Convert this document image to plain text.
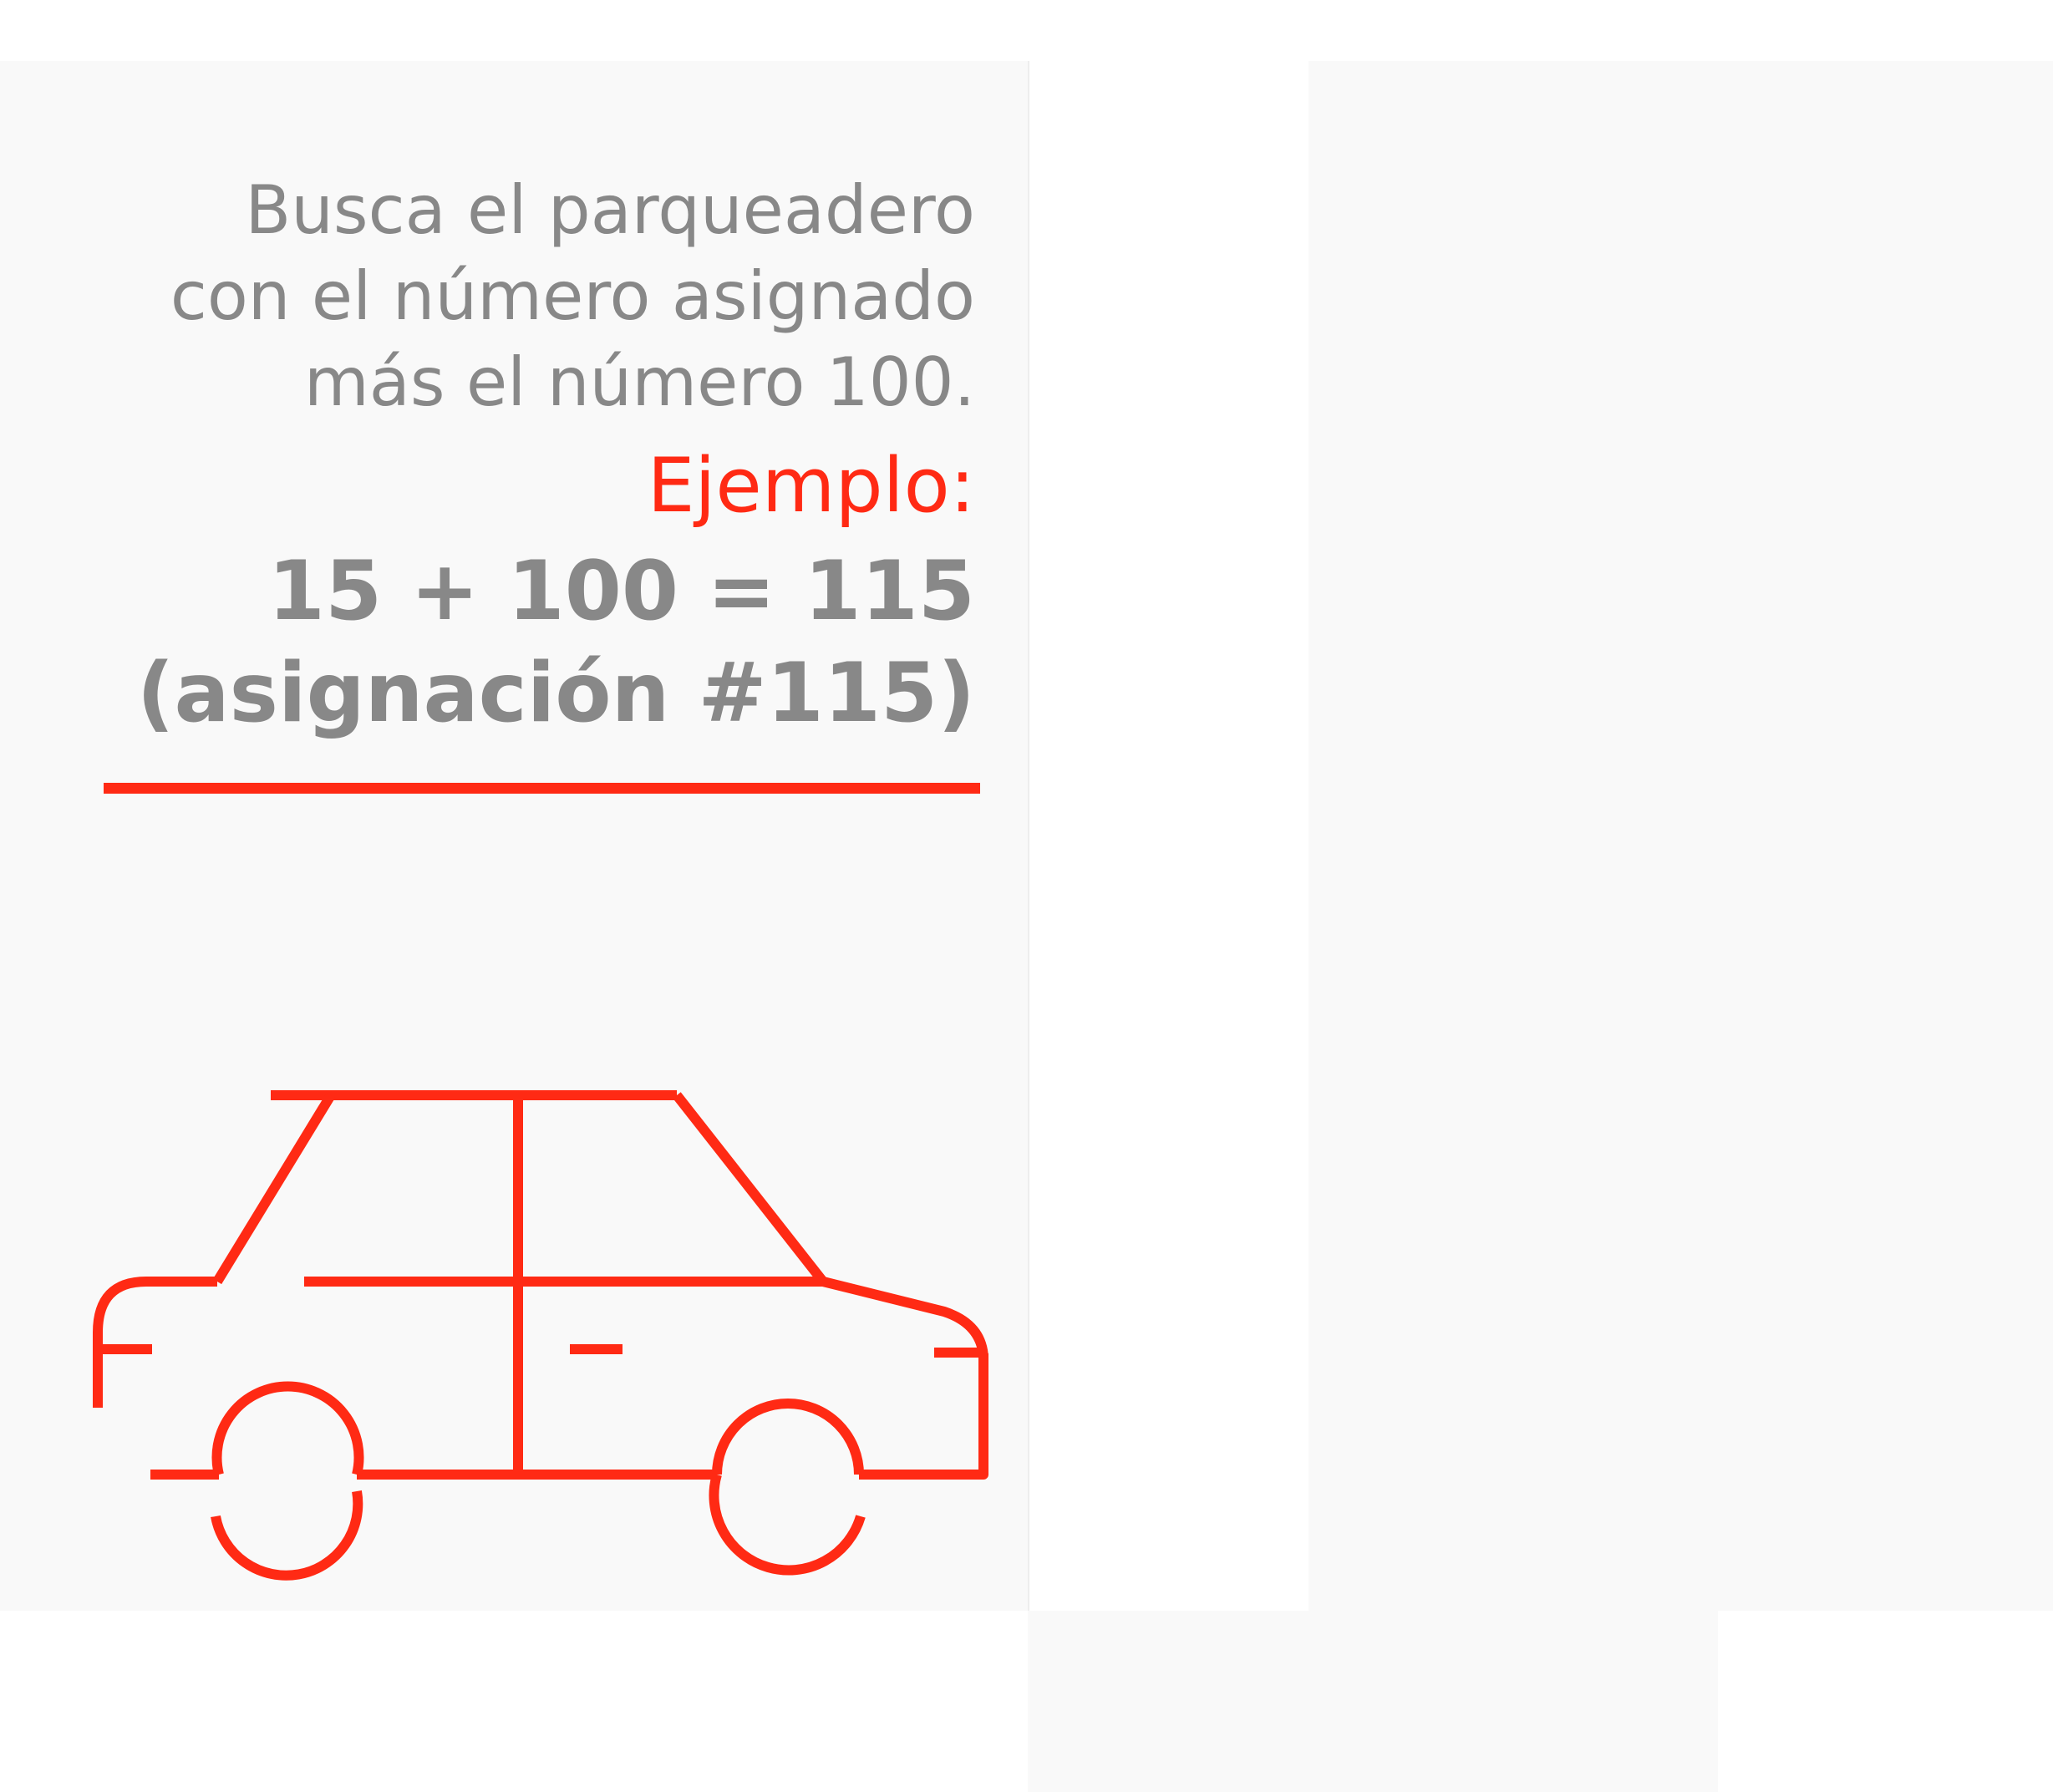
Busca el parqueadero
con el número asignado
más el número 100.

Ejemplo:

15 + 100 = 115

(asignación #115)
